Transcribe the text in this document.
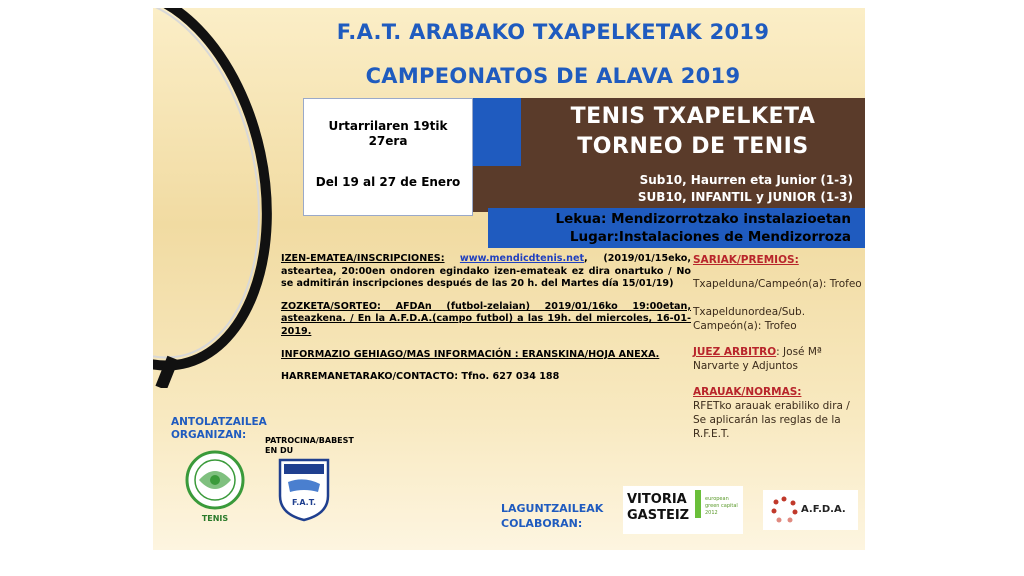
F.A.T. ARABAKO TXAPELKETAK 2019
CAMPEONATOS DE ALAVA 2019
Urtarrilaren 19tik
27era
Del 19 al 27 de Enero
TENIS TXAPELKETA
TORNEO DE TENIS
Sub10, Haurren eta Junior (1-3)
SUB10, INFANTIL y JUNIOR (1-3)
Lekua: Mendizorrotzako instalazioetan
Lugar:Instalaciones de Mendizorroza

IZEN-EMATEA/INSCRIPCIONES: www.mendicdtenis.net, (2019/01/15eko, asteartea, 20:00en ondoren egindako izen-emateak ez dira onartuko / No se admitirán inscripciones después de las 20 h. del Martes día 15/01/19)

ZOZKETA/SORTEO: AFDAn (futbol-zelaian) 2019/01/16ko 19:00etan, asteazkena. / En la A.F.D.A.(campo futbol) a las 19h. del miercoles, 16-01-2019.

INFORMAZIO GEHIAGO/MAS INFORMACIÓN : ERANSKINA/HOJA ANEXA.

HARREMANETARAKO/CONTACTO: Tfno. 627 034 188

SARIAK/PREMIOS:
Txapelduna/Campeón(a): Trofeo
Txapeldunordea/Sub. Campeón(a): Trofeo
JUEZ ARBITRO: José Mª Narvarte y Adjuntos
ARAUAK/NORMAS:
RFETko arauak erabiliko dira / Se aplicarán las reglas de la R.F.E.T.
ANTOLATZAILEA
ORGANIZAN:	PATROCINA/BABEST
EN DU
TENIS
F.A.T.	LAGUNTZAILEAK
COLABORAN:
VITORIA
GASTEIZ
european green capital 2012	A.F.D.A.
